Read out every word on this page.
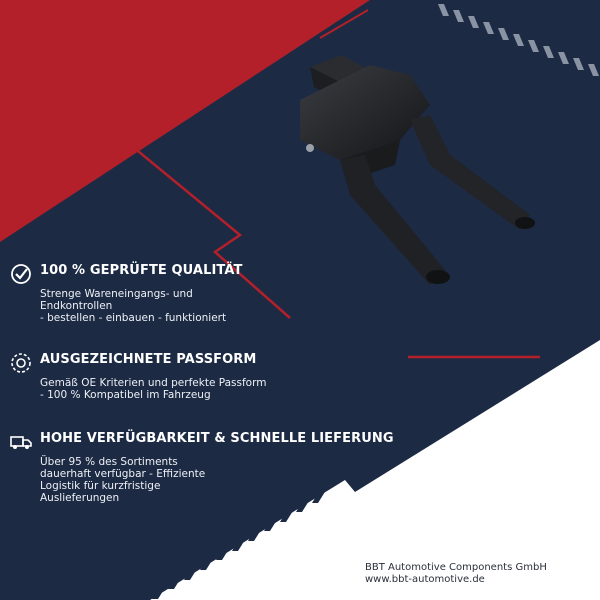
100 % GEPRÜFTE QUALITÄT
Strenge Wareneingangs- und
Endkontrollen
- bestellen - einbauen - funktioniert
AUSGEZEICHNETE PASSFORM
Gemäß OE Kriterien und perfekte Passform
- 100 % Kompatibel im Fahrzeug
HOHE VERFÜGBARKEIT & SCHNELLE LIEFERUNG
Über 95 % des Sortiments
dauerhaft verfügbar - Effiziente
Logistik für kurzfristige
Auslieferungen
BBT Automotive Components GmbH
www.bbt-automotive.de
